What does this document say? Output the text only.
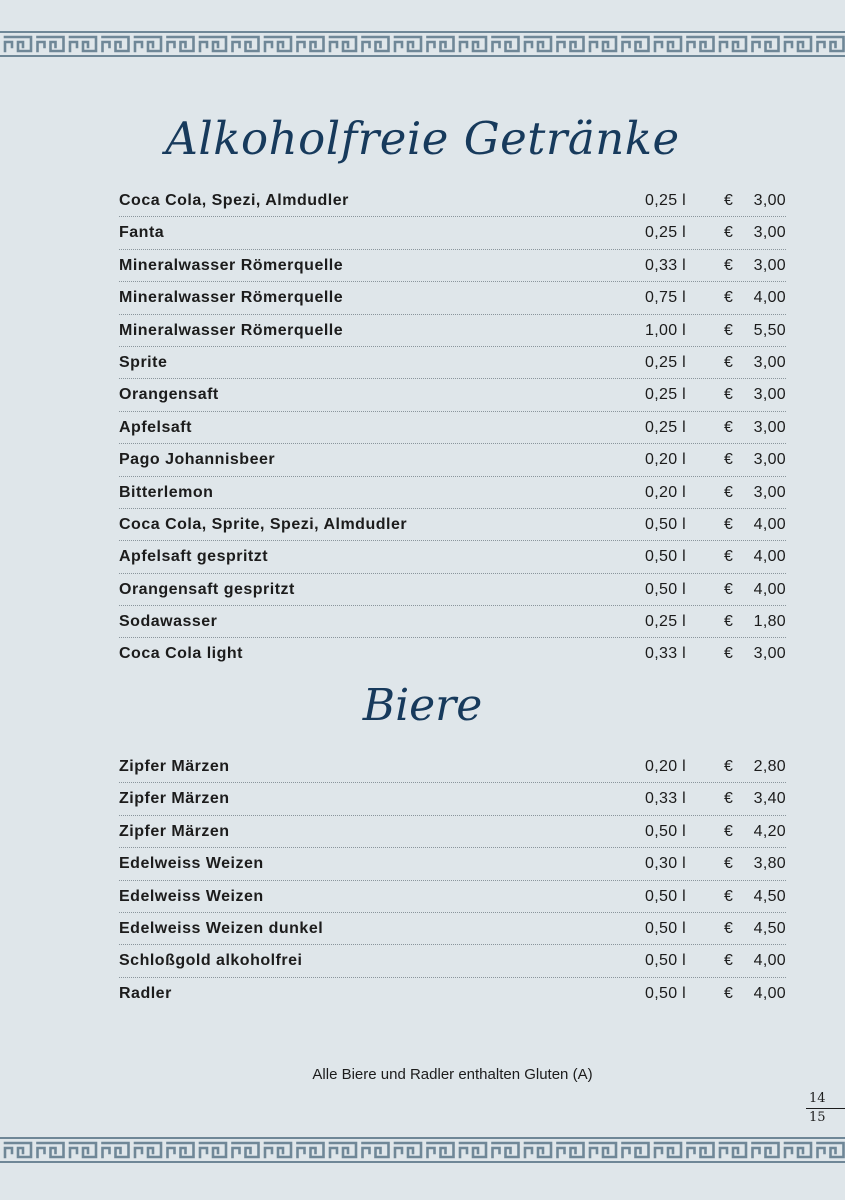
Alkoholfreie Getränke
Coca Cola, Spezi, Almdudler	0,25 l € 3,00
Fanta	0,25 l € 3,00
Mineralwasser Römerquelle	0,33 l € 3,00
Mineralwasser Römerquelle	0,75 l € 4,00
Mineralwasser Römerquelle	1,00 l € 5,50
Sprite	0,25 l € 3,00
Orangensaft	0,25 l € 3,00
Apfelsaft	0,25 l € 3,00
Pago Johannisbeer	0,20 l € 3,00
Bitterlemon	0,20 l € 3,00
Coca Cola, Sprite, Spezi, Almdudler	0,50 l € 4,00
Apfelsaft gespritzt	0,50 l € 4,00
Orangensaft gespritzt	0,50 l € 4,00
Sodawasser	0,25 l € 1,80
Coca Cola light	0,33 l € 3,00
Biere
Zipfer Märzen	0,20 l € 2,80
Zipfer Märzen	0,33 l € 3,40
Zipfer Märzen	0,50 l € 4,20
Edelweiss Weizen	0,30 l € 3,80
Edelweiss Weizen	0,50 l € 4,50
Edelweiss Weizen dunkel	0,50 l € 4,50
Schloßgold alkoholfrei	0,50 l € 4,00
Radler	0,50 l € 4,00
Alle Biere und Radler enthalten Gluten (A)
14
15
